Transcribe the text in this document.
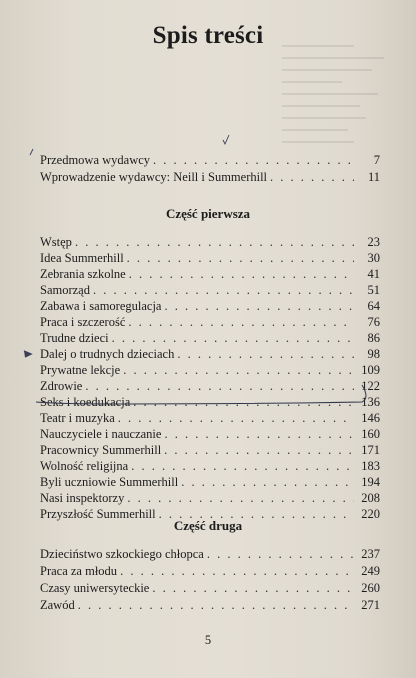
Spis treści
Przedmowa wydawcy . . .	7
Wprowadzenie wydawcy: Neill i Summerhill . . .	11
Część pierwsza
Wstęp . . .	23
Idea Summerhill . . .	30
Zebrania szkolne . . .	41
Samorząd . . .	51
Zabawa i samoregulacja . . .	64
Praca i szczerość . . .	76
Trudne dzieci . . .	86
Dalej o trudnych dzieciach . . .	98
Prywatne lekcje . . .	109
Zdrowie . . .	122
Seks i koedukacja . . .	136
Teatr i muzyka . . .	146
Nauczyciele i nauczanie . . .	160
Pracownicy Summerhill . . .	171
Wolność religijna . . .	183
Byli uczniowie Summerhill . . .	194
Nasi inspektorzy . . .	208
Przyszłość Summerhill . . .	220
Część druga
Dzieciństwo szkockiego chłopca . . .	237
Praca za młodu . . .	249
Czasy uniwersyteckie . . .	260
Zawód . . .	271
5
